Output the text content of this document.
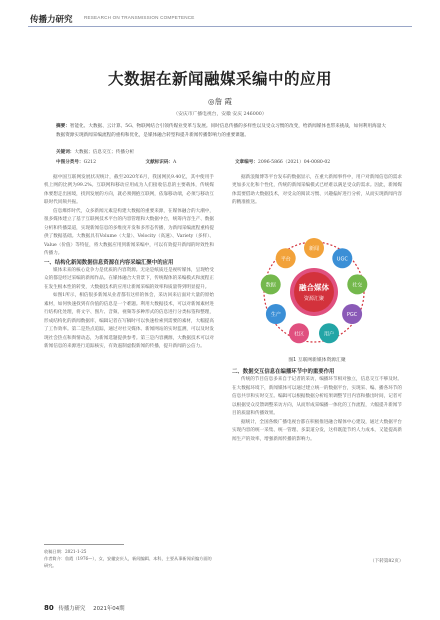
传播力研究 RESEARCH ON TRANSMISSION COMPETENCE
大数据在新闻融媒采编中的应用
◎詹 霞
（安庆市广播电视台，安徽 安庆 246000）
摘要：智能化、大数据、云计算、5G、物联网结合引领传媒业变革与发展。同时信息传播的多样性以及受众习惯的改变，给新闻媒体也带来挑战，如何利用海量大数据资源实现新闻采编流程的重构和优化，是媒体融合转型和提升新闻传播影响力的重要课题。
关键词：大数据；信息交互；传播分析
中图分类号：G212	文献标识码：A	文章编号：2096-5866（2021）04-0080-02

据中国互联网发展状况统计，截至2020年6月，我国网民9.40亿，其中使用手机上网的比例为99.2%。互联网和移动应用成为人们接收信息的主要载体，传统媒体要想走出困境，找到发展的方向，就必须拥抱互联网，依靠移动端，必须与移动互联时代同频共振。

信息爆炸时代，众多新闻元素是构建大数据的重要来源，在媒体融合的大潮中，很多媒体建立了基于互联网技术平台的内容管理和大数据中台，统筹内容生产、数据分析和传播渠道，实现新闻信息的多维度开发和多形态传播，为新闻采编流程重构提供了数据基础。大数据具有Volume（大量）、Velocity（高速）、Variety（多样）、Value（价值）等特征，将大数据应用到新闻采编中，可以有效提升新闻的时效性和传播力。

一、结构化新闻数据信息资源在内容采编汇聚中的应用

媒体未来的核心竞争力是优质的内容资源。无论是纸质还是视听媒体，呈现给受众的都是经过采编的新闻作品。在媒体融合大背景下，传统媒体的采编模式和流程正在发生根本性的转变，大数据技术的应用让新闻采编的效率和质量得到明显提升。

如图1所示，相信很多新闻从业者都有这样的体会，采访回来后面对大量的原始素材，如何快速找到有价值的信息是一个难题。利用大数据技术，可以对新闻素材进行结构化处理，将文字、图片、音频、视频等多种形式的信息进行分类标签和整理，形成结构化的新闻数据库，编辑记者在写稿时可以快速检索到需要的素材，大幅提高了工作效率。第二是热点追踪，通过对社交媒体、新闻网站的实时监测，可以及时发现社会热点和舆情动态，为新闻选题提供参考。第三是内容溯源，大数据技术可以对新闻信息的来源进行追踪核实，有效遏制虚假新闻的传播，提升新闻的公信力。

据新浪微博等平台发布的数据显示，在重大新闻事件中，用户对新闻信息的需求更加多元化和个性化，传统的新闻采编模式已经难以满足受众的需求。因此，新闻媒体需要借助大数据技术，对受众的阅读习惯、兴趣偏好进行分析，从而实现新闻内容的精准推送。

融合媒体
资源汇聚
新闻
UGC
社交
PGC
用户
社区
生产
数据
平台
图1 互联网新媒体资源汇聚

二、数据交互信息在编播环节中的重要作用

传统的节目信息多来自于记者的采访，编播环节相对独立，信息交互不够及时。在大数据环境下，新闻媒体可以通过建立统一的数据平台，实现采、编、播各环节的信息共享和实时交互。编辑可以根据数据分析结果调整节目内容和播出时间，记者可以根据受众反馈调整采访方向，从而形成采编播一体化的工作流程，大幅提升新闻节目的质量和传播效果。

据统计，全国各级广播电视台都在积极推进融合媒体中心建设，通过大数据平台实现内容的统一采集、统一管理、多渠道分发，这样既能节约人力成本，又能提高新闻生产的效率，增强新闻传播的影响力。

（下转第82页）
收稿日期：2021-1-25
作者简介：詹霞（1976—），女，安徽安庆人，新闻编辑、本科，主要从事新闻采编方面的研究。
80 传播力研究 2021年04期
